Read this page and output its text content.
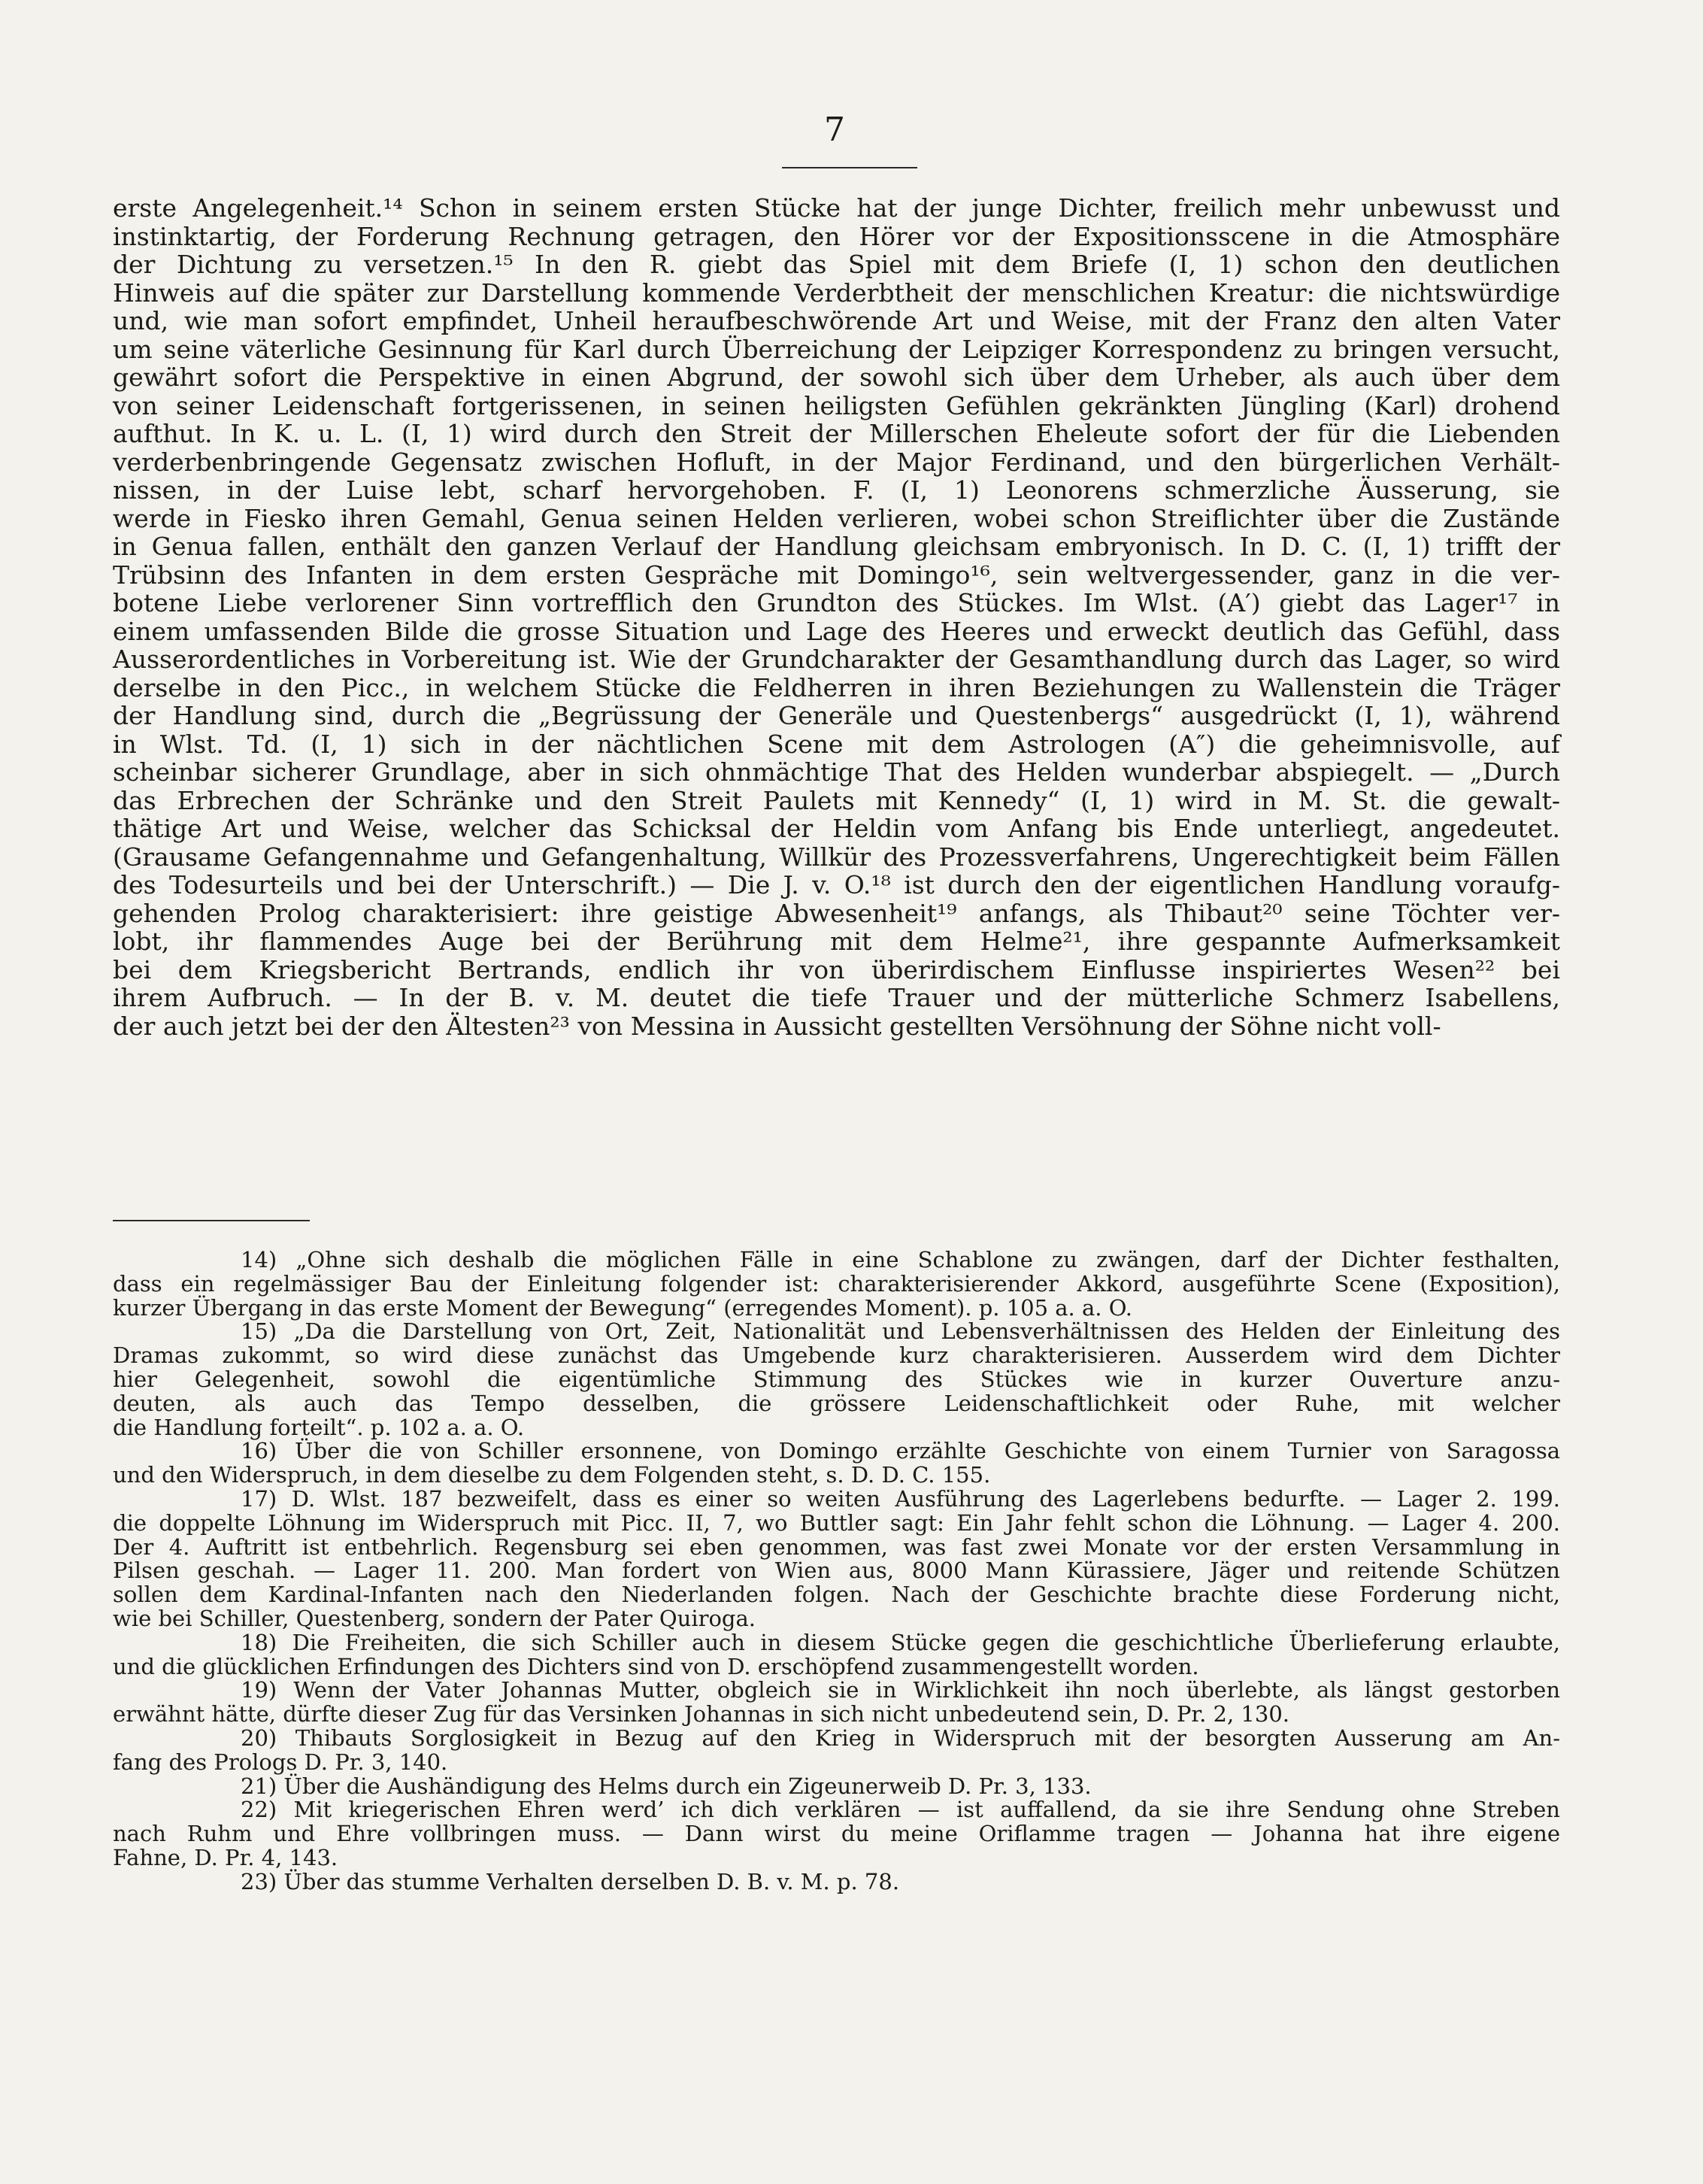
7
erste Angelegenheit.¹⁴ Schon in seinem ersten Stücke hat der junge Dichter, freilich mehr unbewusst und
instinktartig, der Forderung Rechnung getragen, den Hörer vor der Expositionsscene in die Atmosphäre
der Dichtung zu versetzen.¹⁵ In den R. giebt das Spiel mit dem Briefe (I, 1) schon den deutlichen
Hinweis auf die später zur Darstellung kommende Verderbtheit der menschlichen Kreatur: die nichtswürdige
und, wie man sofort empfindet, Unheil heraufbeschwörende Art und Weise, mit der Franz den alten Vater
um seine väterliche Gesinnung für Karl durch Überreichung der Leipziger Korrespondenz zu bringen versucht,
gewährt sofort die Perspektive in einen Abgrund, der sowohl sich über dem Urheber, als auch über dem
von seiner Leidenschaft fortgerissenen, in seinen heiligsten Gefühlen gekränkten Jüngling (Karl) drohend
aufthut. In K. u. L. (I, 1) wird durch den Streit der Millerschen Eheleute sofort der für die Liebenden
verderbenbringende Gegensatz zwischen Hofluft, in der Major Ferdinand, und den bürgerlichen Verhält-
nissen, in der Luise lebt, scharf hervorgehoben. F. (I, 1) Leonorens schmerzliche Äusserung, sie
werde in Fiesko ihren Gemahl, Genua seinen Helden verlieren, wobei schon Streiflichter über die Zustände
in Genua fallen, enthält den ganzen Verlauf der Handlung gleichsam embryonisch. In D. C. (I, 1) trifft der
Trübsinn des Infanten in dem ersten Gespräche mit Domingo¹⁶, sein weltvergessender, ganz in die ver-
botene Liebe verlorener Sinn vortrefflich den Grundton des Stückes. Im Wlst. (A′) giebt das Lager¹⁷ in
einem umfassenden Bilde die grosse Situation und Lage des Heeres und erweckt deutlich das Gefühl, dass
Ausserordentliches in Vorbereitung ist. Wie der Grundcharakter der Gesamthandlung durch das Lager, so wird
derselbe in den Picc., in welchem Stücke die Feldherren in ihren Beziehungen zu Wallenstein die Träger
der Handlung sind, durch die „Begrüssung der Generäle und Questenbergs“ ausgedrückt (I, 1), während
in Wlst. Td. (I, 1) sich in der nächtlichen Scene mit dem Astrologen (A″) die geheimnisvolle, auf
scheinbar sicherer Grundlage, aber in sich ohnmächtige That des Helden wunderbar abspiegelt. — „Durch
das Erbrechen der Schränke und den Streit Paulets mit Kennedy“ (I, 1) wird in M. St. die gewalt-
thätige Art und Weise, welcher das Schicksal der Heldin vom Anfang bis Ende unterliegt, angedeutet.
(Grausame Gefangennahme und Gefangenhaltung, Willkür des Prozessverfahrens, Ungerechtigkeit beim Fällen
des Todesurteils und bei der Unterschrift.) — Die J. v. O.¹⁸ ist durch den der eigentlichen Handlung voraufg-
gehenden Prolog charakterisiert: ihre geistige Abwesenheit¹⁹ anfangs, als Thibaut²⁰ seine Töchter ver-
lobt, ihr flammendes Auge bei der Berührung mit dem Helme²¹, ihre gespannte Aufmerksamkeit
bei dem Kriegsbericht Bertrands, endlich ihr von überirdischem Einflusse inspiriertes Wesen²² bei
ihrem Aufbruch. — In der B. v. M. deutet die tiefe Trauer und der mütterliche Schmerz Isabellens,
der auch jetzt bei der den Ältesten²³ von Messina in Aussicht gestellten Versöhnung der Söhne nicht voll-
14) „Ohne sich deshalb die möglichen Fälle in eine Schablone zu zwängen, darf der Dichter festhalten,
dass ein regelmässiger Bau der Einleitung folgender ist: charakterisierender Akkord, ausgeführte Scene (Exposition),
kurzer Übergang in das erste Moment der Bewegung“ (erregendes Moment). p. 105 a. a. O.
15) „Da die Darstellung von Ort, Zeit, Nationalität und Lebensverhältnissen des Helden der Einleitung des
Dramas zukommt, so wird diese zunächst das Umgebende kurz charakterisieren. Ausserdem wird dem Dichter
hier Gelegenheit, sowohl die eigentümliche Stimmung des Stückes wie in kurzer Ouverture anzu-
deuten, als auch das Tempo desselben, die grössere Leidenschaftlichkeit oder Ruhe, mit welcher
die Handlung forteilt“. p. 102 a. a. O.
16) Über die von Schiller ersonnene, von Domingo erzählte Geschichte von einem Turnier von Saragossa
und den Widerspruch, in dem dieselbe zu dem Folgenden steht, s. D. D. C. 155.
17) D. Wlst. 187 bezweifelt, dass es einer so weiten Ausführung des Lagerlebens bedurfte. — Lager 2. 199.
die doppelte Löhnung im Widerspruch mit Picc. II, 7, wo Buttler sagt: Ein Jahr fehlt schon die Löhnung. — Lager 4. 200.
Der 4. Auftritt ist entbehrlich. Regensburg sei eben genommen, was fast zwei Monate vor der ersten Versammlung in
Pilsen geschah. — Lager 11. 200. Man fordert von Wien aus, 8000 Mann Kürassiere, Jäger und reitende Schützen
sollen dem Kardinal-Infanten nach den Niederlanden folgen. Nach der Geschichte brachte diese Forderung nicht,
wie bei Schiller, Questenberg, sondern der Pater Quiroga.
18) Die Freiheiten, die sich Schiller auch in diesem Stücke gegen die geschichtliche Überlieferung erlaubte,
und die glücklichen Erfindungen des Dichters sind von D. erschöpfend zusammengestellt worden.
19) Wenn der Vater Johannas Mutter, obgleich sie in Wirklichkeit ihn noch überlebte, als längst gestorben
erwähnt hätte, dürfte dieser Zug für das Versinken Johannas in sich nicht unbedeutend sein, D. Pr. 2, 130.
20) Thibauts Sorglosigkeit in Bezug auf den Krieg in Widerspruch mit der besorgten Ausserung am An-
fang des Prologs D. Pr. 3, 140.
21) Über die Aushändigung des Helms durch ein Zigeunerweib D. Pr. 3, 133.
22) Mit kriegerischen Ehren werd’ ich dich verklären — ist auffallend, da sie ihre Sendung ohne Streben
nach Ruhm und Ehre vollbringen muss. — Dann wirst du meine Oriflamme tragen — Johanna hat ihre eigene
Fahne, D. Pr. 4, 143.
23) Über das stumme Verhalten derselben D. B. v. M. p. 78.
